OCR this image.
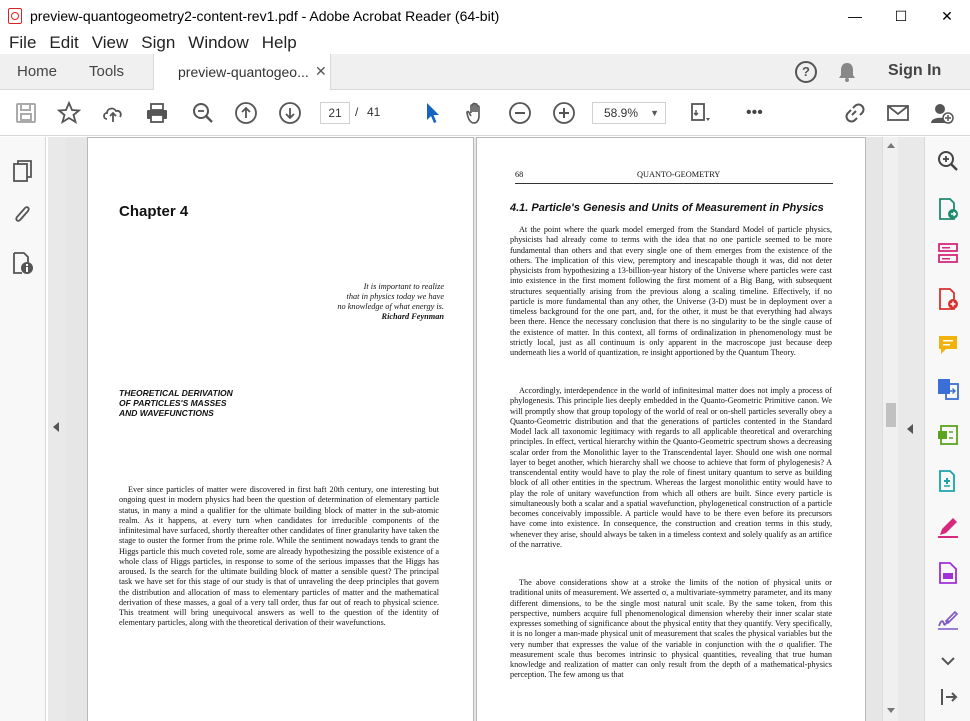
preview-quantogeometry2-content-rev1.pdf - Adobe Acrobat Reader (64-bit)	—	☐	✕
File Edit View Sign Window Help
Home Tools	preview-quantogeo... ✕	?	Sign In
21	/ 41	58.9% ▼	•••
Chapter 4
It is important to realize
that in physics today we have
no knowledge of what energy is.
Richard Feynman
THEORETICAL DERIVATION
OF PARTICLES'S MASSES
AND WAVEFUNCTIONS
Ever since particles of matter were discovered in first haft 20th century, one interesting but ongoing quest in modern physics had been the question of determination of elementary particle status, in many a mind a qualifier for the ultimate building block of matter in the sub-atomic realm. As it happens, at every turn when candidates for irreducible components of the infinitesimal have surfaced, shortly thereafter other candidates of finer granularity have taken the stage to ouster the former from the prime role. While the sentiment nowadays tends to grant the Higgs particle this much coveted role, some are already hypothesizing the possible existence of a whole class of Higgs particles, in response to some of the serious impasses that the Higgs has aroused. Is the search for the ultimate building block of matter a sensible quest? The principal task we have set for this stage of our study is that of unraveling the deep principles that govern the distribution and allocation of mass to elementary particles of matter and the mathematical derivation of these masses, a goal of a very tall order, thus far out of reach to physical science. This treatment will bring unequivocal answers as well to the question of the identity of elementary particles, along with the theoretical derivation of their wavefunctions.
68	QUANTO-GEOMETRY
4.1. Particle's Genesis and Units of Measurement in Physics
At the point where the quark model emerged from the Standard Model of particle physics, physicists had already come to terms with the idea that no one particle seemed to be more fundamental than others and that every single one of them emerges from the existence of the others. The implication of this view, peremptory and inescapable though it was, did not deter physicists from hypothesizing a 13-billion-year history of the Universe where particles were cast into existence in the first moment following the first moment of a Big Bang, with subsequent structures sequentially arising from the previous along a scaling timeline. Effectively, if no particle is more fundamental than any other, the Universe (3-D) must be in deployment over a timeless background for the one part, and, for the other, it must be that everything had always been there. Hence the necessary conclusion that there is no singularity to be the single cause of the existence of matter. In this context, all forms of ordinalization in phenomenology must be strictly local, just as all continuum is only apparent in the macroscope just because deep underneath lies a world of quantization, re insight apportioned by the Quantum Theory.
Accordingly, interdependence in the world of infinitesimal matter does not imply a process of phylogenesis. This principle lies deeply embedded in the Quanto-Geometric Primitive canon. We will promptly show that group topology of the world of real or on-shell particles severally obey a Quanto-Geometric distribution and that the generations of particles contented in the Standard Model lack all taxonomic legitimacy with regards to all applicable theoretical and overarching principles. In effect, vertical hierarchy within the Quanto-Geometric spectrum shows a decreasing scalar order from the Monolithic layer to the Transcendental layer. Should one wish one normal layer to beget another, which hierarchy shall we choose to achieve that form of phylogenesis? A transcendental entity would have to play the role of finest unitary quantum to serve as building block of all other entities in the spectrum. Whereas the largest monolithic entity would have to play the role of unitary wavefunction from which all others are built. Since every particle is simultaneously both a scalar and a spatial wavefunction, phylogenetical construction of a particle becomes conceivably impossible. A particle would have to be there even before its precursors have come into existence. In consequence, the construction and creation terms in this study, whenever they arise, should always be taken in a timeless context and solely qualify as an artifice of the narrative.
The above considerations show at a stroke the limits of the notion of physical units or traditional units of measurement. We asserted σ, a multivariate-symmetry parameter, and its many different dimensions, to be the single most natural unit scale. By the same token, from this perspective, numbers acquire full phenomenological dimension whereby their inner scalar state expresses something of significance about the physical entity that they quantify. Very specifically, it is no longer a man-made physical unit of measurement that scales the physical variables but the very number that expresses the value of the variable in conjunction with the σ qualifier. The measurement scale thus becomes intrinsic to physical quantities, revealing that true human knowledge and realization of matter can only result from the depth of a mathematical-physics perception. The few among us that
